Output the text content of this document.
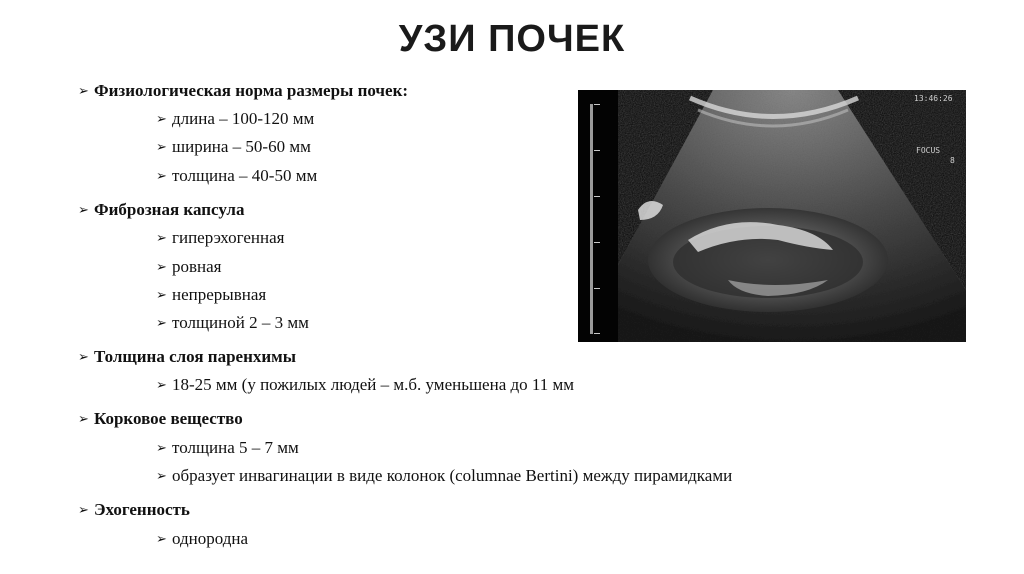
УЗИ ПОЧЕК
➢ Физиологическая норма размеры почек:
➢ длина – 100-120 мм
➢ ширина – 50-60 мм
➢ толщина – 40-50 мм
➢ Фиброзная капсула
➢ гиперэхогенная
➢ ровная
➢ непрерывная
➢ толщиной 2 – 3 мм
➢ Толщина слоя паренхимы
➢ 18-25 мм (у пожилых людей – м.б. уменьшена до 11 мм
➢ Корковое вещество
➢ толщина 5 – 7 мм
➢ образует инвагинации в виде колонок (columnae Bertini) между пирамидками
➢ Эхогенность
➢ однородна
13:46:26
FOCUS
8
